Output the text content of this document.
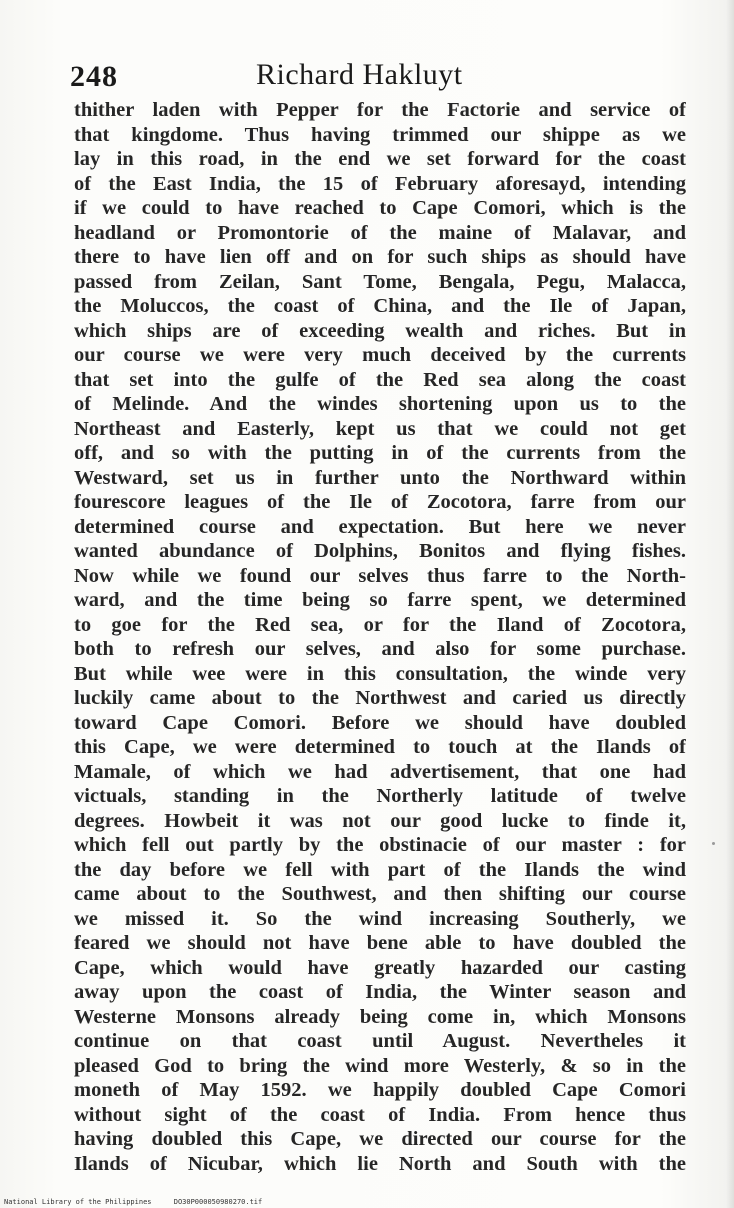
248	Richard Hakluyt
thither laden with Pepper for the Factorie and service of
that kingdome. Thus having trimmed our shippe as we
lay in this road, in the end we set forward for the coast
of the East India, the 15 of February aforesayd, intending
if we could to have reached to Cape Comori, which is the
headland or Promontorie of the maine of Malavar, and
there to have lien off and on for such ships as should have
passed from Zeilan, Sant Tome, Bengala, Pegu, Malacca,
the Moluccos, the coast of China, and the Ile of Japan,
which ships are of exceeding wealth and riches. But in
our course we were very much deceived by the currents
that set into the gulfe of the Red sea along the coast
of Melinde. And the windes shortening upon us to the
Northeast and Easterly, kept us that we could not get
off, and so with the putting in of the currents from the
Westward, set us in further unto the Northward within
fourescore leagues of the Ile of Zocotora, farre from our
determined course and expectation. But here we never
wanted abundance of Dolphins, Bonitos and flying fishes.
Now while we found our selves thus farre to the North-
ward, and the time being so farre spent, we determined
to goe for the Red sea, or for the Iland of Zocotora,
both to refresh our selves, and also for some purchase.
But while wee were in this consultation, the winde very
luckily came about to the Northwest and caried us directly
toward Cape Comori. Before we should have doubled
this Cape, we were determined to touch at the Ilands of
Mamale, of which we had advertisement, that one had
victuals, standing in the Northerly latitude of twelve
degrees. Howbeit it was not our good lucke to finde it,
which fell out partly by the obstinacie of our master : for
the day before we fell with part of the Ilands the wind
came about to the Southwest, and then shifting our course
we missed it. So the wind increasing Southerly, we
feared we should not have bene able to have doubled the
Cape, which would have greatly hazarded our casting
away upon the coast of India, the Winter season and
Westerne Monsons already being come in, which Monsons
continue on that coast until August. Nevertheles it
pleased God to bring the wind more Westerly, & so in the
moneth of May 1592. we happily doubled Cape Comori
without sight of the coast of India. From hence thus
having doubled this Cape, we directed our course for the
Ilands of Nicubar, which lie North and South with the
National Library of the Philippines	DO30P000050980270.tif
